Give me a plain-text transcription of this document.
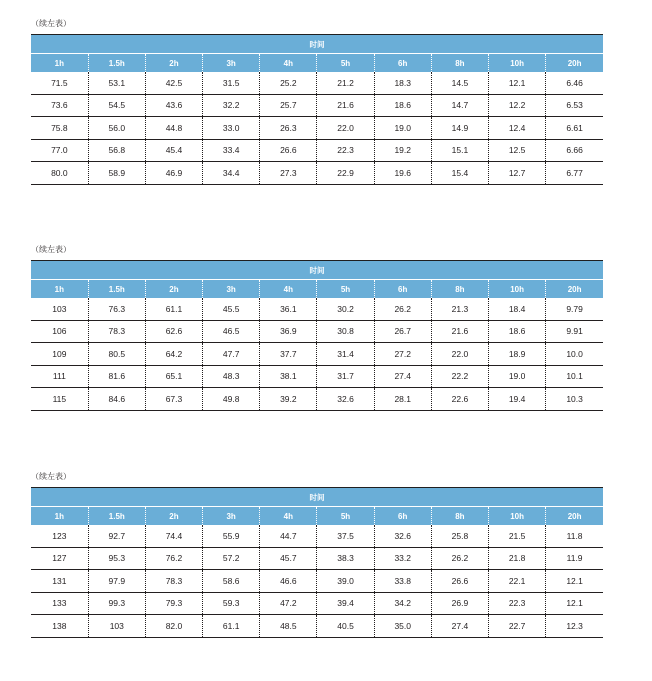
（续左表）
时间									
1h	1.5h	2h	3h	4h	5h	6h	8h	10h	20h
71.5	53.1	42.5	31.5	25.2	21.2	18.3	14.5	12.1	6.46
73.6	54.5	43.6	32.2	25.7	21.6	18.6	14.7	12.2	6.53
75.8	56.0	44.8	33.0	26.3	22.0	19.0	14.9	12.4	6.61
77.0	56.8	45.4	33.4	26.6	22.3	19.2	15.1	12.5	6.66
80.0	58.9	46.9	34.4	27.3	22.9	19.6	15.4	12.7	6.77
（续左表）
时间									
1h	1.5h	2h	3h	4h	5h	6h	8h	10h	20h
103	76.3	61.1	45.5	36.1	30.2	26.2	21.3	18.4	9.79
106	78.3	62.6	46.5	36.9	30.8	26.7	21.6	18.6	9.91
109	80.5	64.2	47.7	37.7	31.4	27.2	22.0	18.9	10.0
111	81.6	65.1	48.3	38.1	31.7	27.4	22.2	19.0	10.1
115	84.6	67.3	49.8	39.2	32.6	28.1	22.6	19.4	10.3
（续左表）
时间									
1h	1.5h	2h	3h	4h	5h	6h	8h	10h	20h
123	92.7	74.4	55.9	44.7	37.5	32.6	25.8	21.5	11.8
127	95.3	76.2	57.2	45.7	38.3	33.2	26.2	21.8	11.9
131	97.9	78.3	58.6	46.6	39.0	33.8	26.6	22.1	12.1
133	99.3	79.3	59.3	47.2	39.4	34.2	26.9	22.3	12.1
138	103	82.0	61.1	48.5	40.5	35.0	27.4	22.7	12.3
